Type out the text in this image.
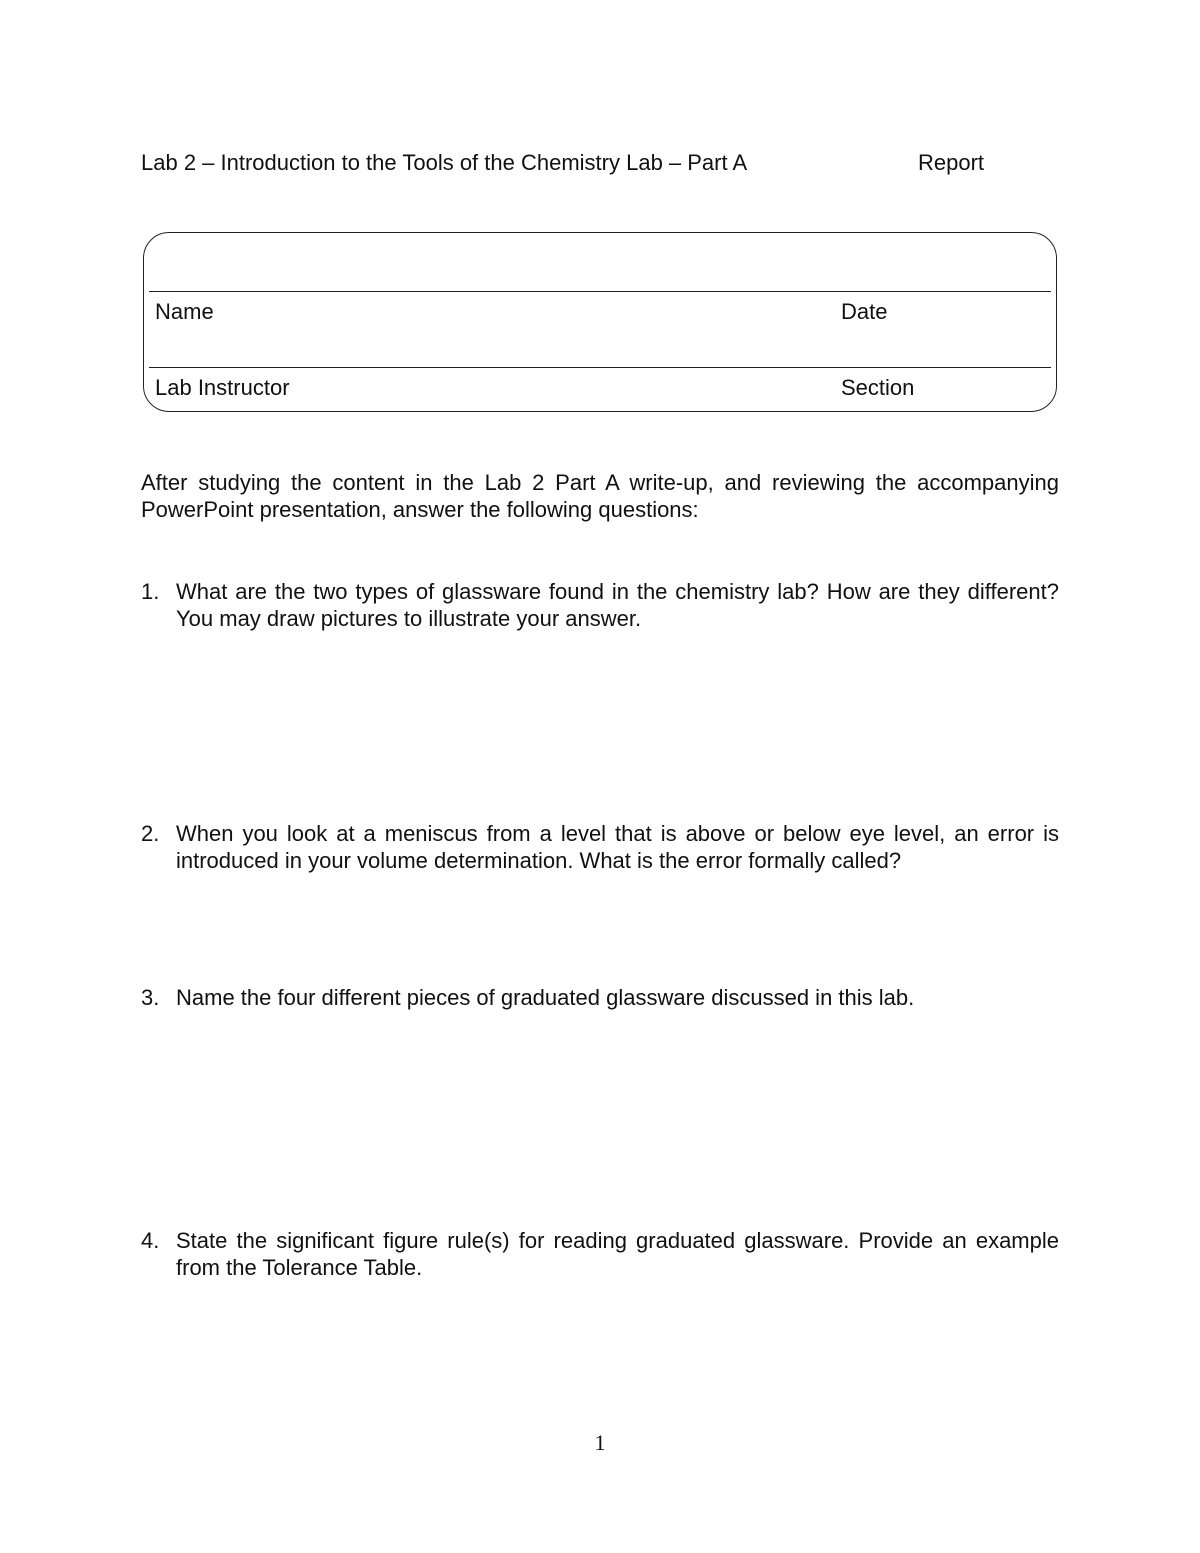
Lab 2 – Introduction to the Tools of the Chemistry Lab – Part A	Report
Name	Date
Lab Instructor	Section
After studying the content in the Lab 2 Part A write-up, and reviewing the accompanying PowerPoint presentation, answer the following questions:
1. What are the two types of glassware found in the chemistry lab? How are they different? You may draw pictures to illustrate your answer.
2. When you look at a meniscus from a level that is above or below eye level, an error is introduced in your volume determination. What is the error formally called?
3. Name the four different pieces of graduated glassware discussed in this lab.
4. State the significant figure rule(s) for reading graduated glassware. Provide an example from the Tolerance Table.
1
